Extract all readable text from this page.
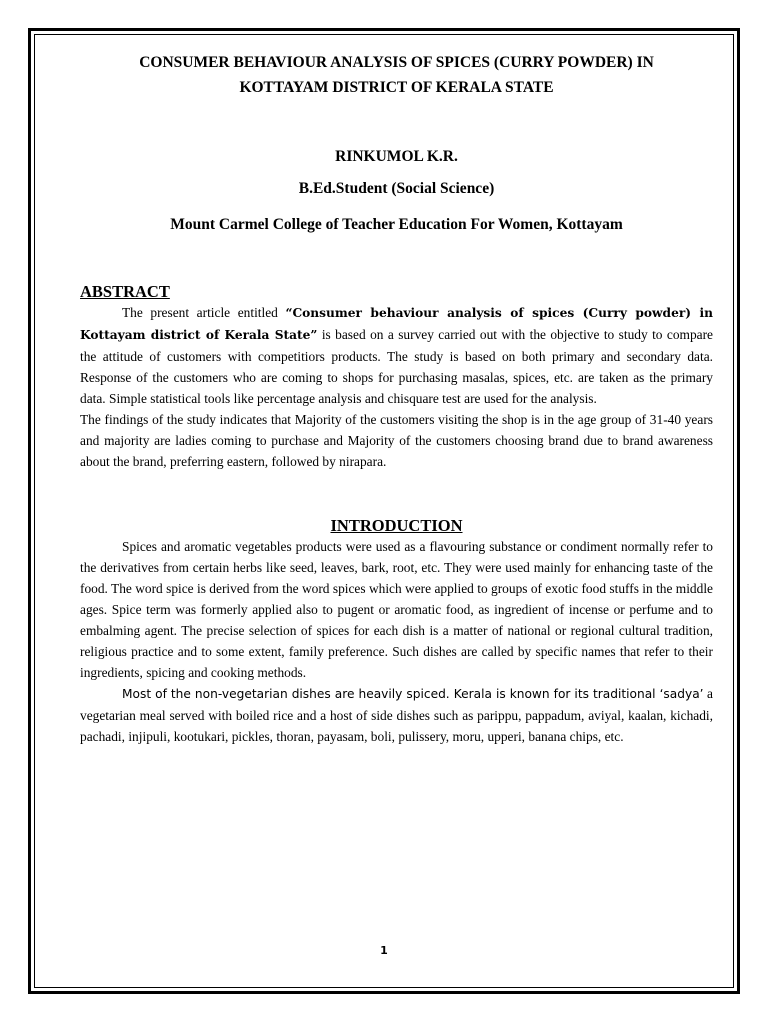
CONSUMER BEHAVIOUR ANALYSIS OF SPICES (CURRY POWDER) IN

KOTTAYAM DISTRICT OF KERALA STATE

RINKUMOL K.R.

B.Ed.Student (Social Science)

Mount Carmel College of Teacher Education For Women, Kottayam

ABSTRACT

The present article entitled “Consumer behaviour analysis of spices (Curry powder) in Kottayam district of Kerala State” is based on a survey carried out with the objective to study to compare the attitude of customers with competitiors products. The study is based on both primary and secondary data. Response of the customers who are coming to shops for purchasing masalas, spices, etc. are taken as the primary data. Simple statistical tools like percentage analysis and chisquare test are used for the analysis.

The findings of the study indicates that Majority of the customers visiting the shop is in the age group of 31-40 years and majority are ladies coming to purchase and Majority of the customers choosing brand due to brand awareness about the brand, preferring eastern, followed by nirapara.

INTRODUCTION

Spices and aromatic vegetables products were used as a flavouring substance or condiment normally refer to the derivatives from certain herbs like seed, leaves, bark, root, etc. They were used mainly for enhancing taste of the food. The word spice is derived from the word spices which were applied to groups of exotic food stuffs in the middle ages. Spice term was formerly applied also to pugent or aromatic food, as ingredient of incense or perfume and to embalming agent. The precise selection of spices for each dish is a matter of national or regional cultural tradition, religious practice and to some extent, family preference. Such dishes are called by specific names that refer to their ingredients, spicing and cooking methods.

Most of the non-vegetarian dishes are heavily spiced. Kerala is known for its traditional ‘sadya’ a vegetarian meal served with boiled rice and a host of side dishes such as parippu, pappadum, aviyal, kaalan, kichadi, pachadi, injipuli, kootukari, pickles, thoran, payasam, boli, pulissery, moru, upperi, banana chips, etc.

1
